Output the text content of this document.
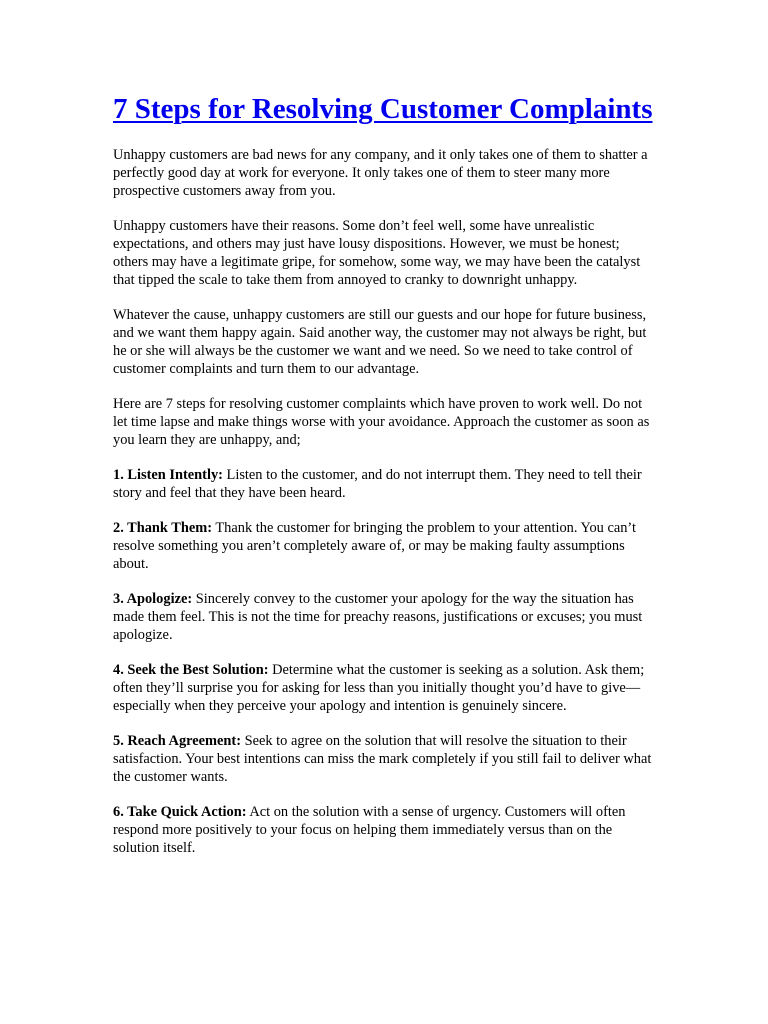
7 Steps for Resolving Customer Complaints

Unhappy customers are bad news for any company, and it only takes one of them to shatter a perfectly good day at work for everyone. It only takes one of them to steer many more prospective customers away from you.

Unhappy customers have their reasons. Some don’t feel well, some have unrealistic expectations, and others may just have lousy dispositions. However, we must be honest; others may have a legitimate gripe, for somehow, some way, we may have been the catalyst that tipped the scale to take them from annoyed to cranky to downright unhappy.

Whatever the cause, unhappy customers are still our guests and our hope for future business, and we want them happy again. Said another way, the customer may not always be right, but he or she will always be the customer we want and we need. So we need to take control of customer complaints and turn them to our advantage.

Here are 7 steps for resolving customer complaints which have proven to work well. Do not let time lapse and make things worse with your avoidance. Approach the customer as soon as you learn they are unhappy, and;

1. Listen Intently: Listen to the customer, and do not interrupt them. They need to tell their story and feel that they have been heard.

2. Thank Them: Thank the customer for bringing the problem to your attention. You can’t resolve something you aren’t completely aware of, or may be making faulty assumptions about.

3. Apologize: Sincerely convey to the customer your apology for the way the situation has made them feel. This is not the time for preachy reasons, justifications or excuses; you must apologize.

4. Seek the Best Solution: Determine what the customer is seeking as a solution. Ask them; often they’ll surprise you for asking for less than you initially thought you’d have to give—especially when they perceive your apology and intention is genuinely sincere.

5. Reach Agreement: Seek to agree on the solution that will resolve the situation to their satisfaction. Your best intentions can miss the mark completely if you still fail to deliver what the customer wants.

6. Take Quick Action: Act on the solution with a sense of urgency. Customers will often respond more positively to your focus on helping them immediately versus than on the solution itself.
